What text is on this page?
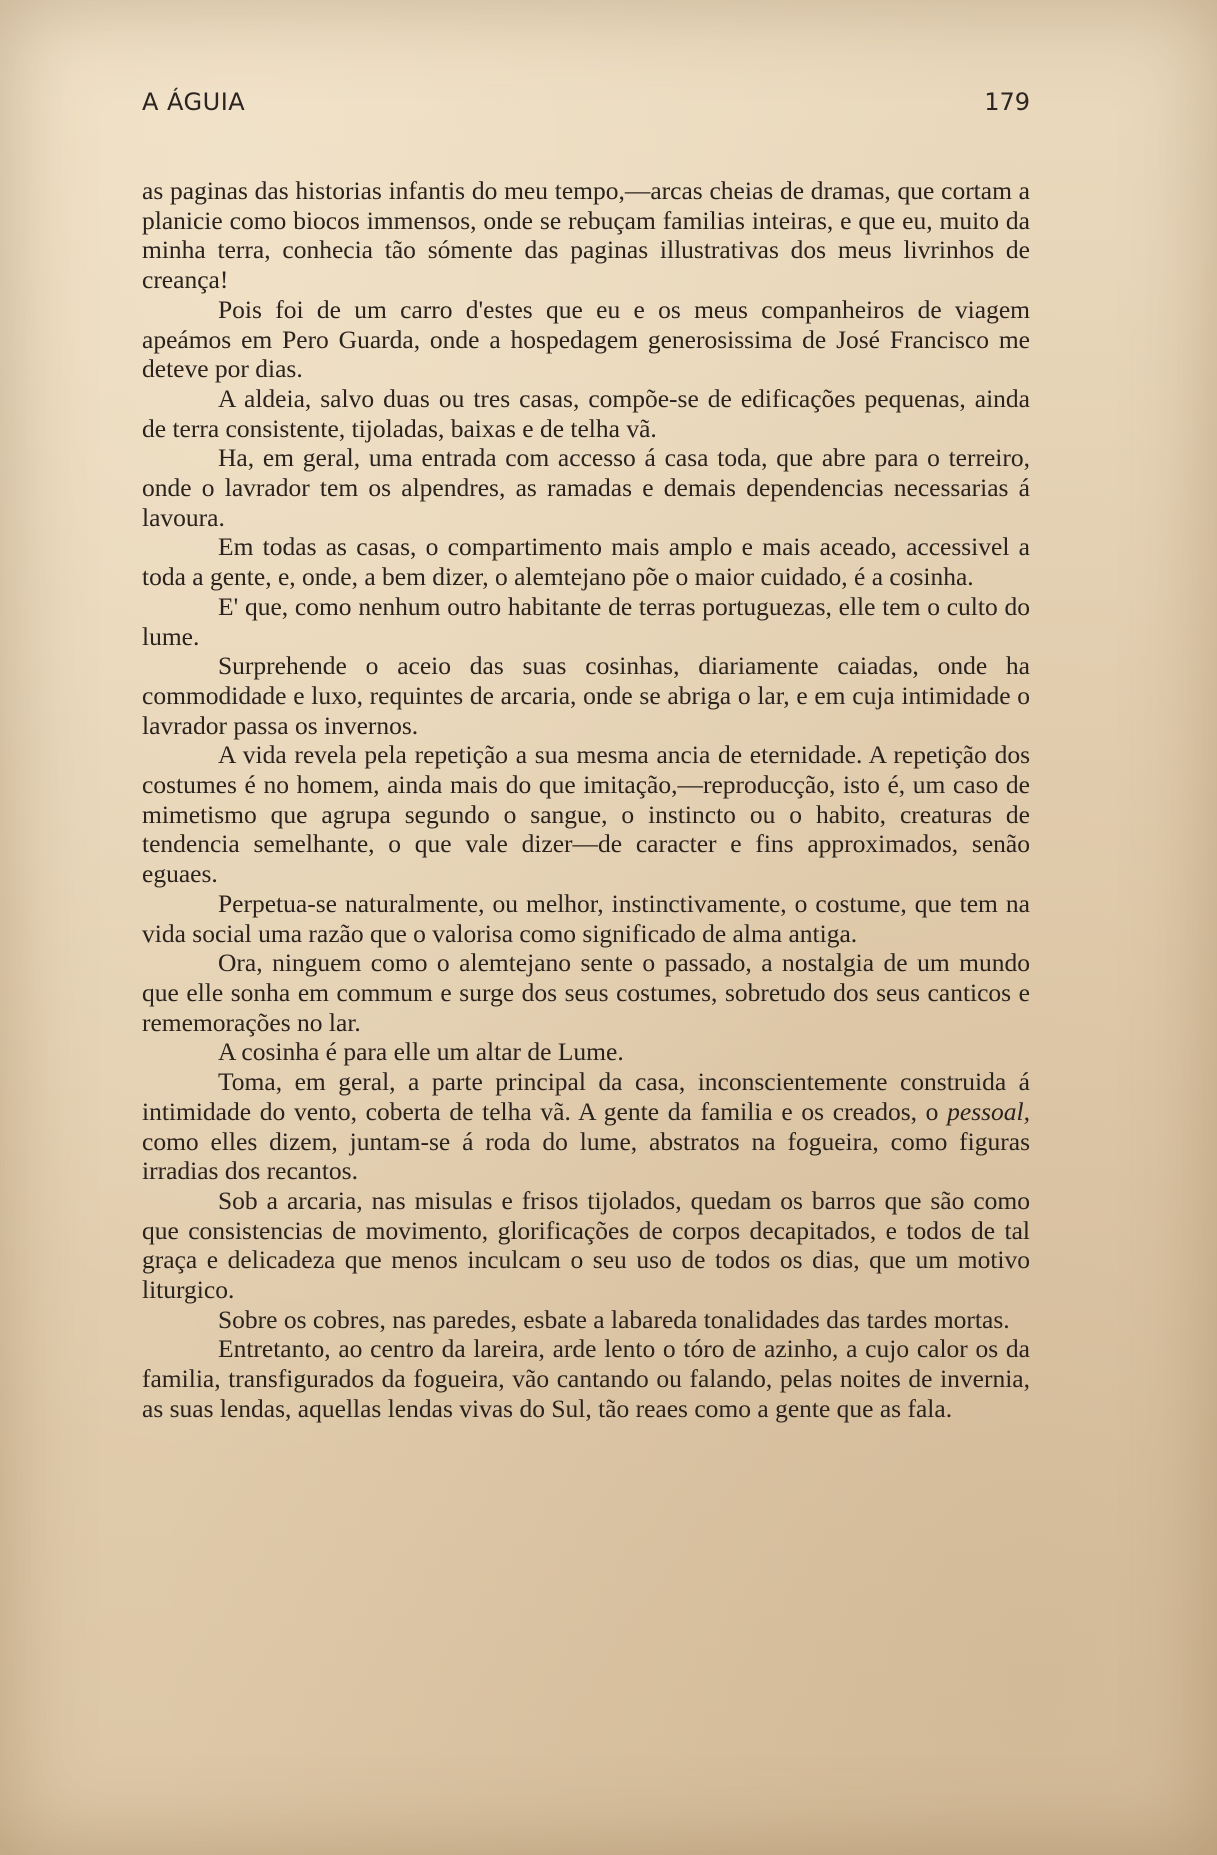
A ÁGUIA	179

as paginas das historias infantis do meu tempo,—arcas cheias de dramas, que cortam a planicie como biocos immensos, onde se rebuçam familias inteiras, e que eu, muito da minha terra, conhecia tão sómente das paginas illustrativas dos meus livrinhos de creança!

Pois foi de um carro d'estes que eu e os meus companheiros de viagem apeámos em Pero Guarda, onde a hospedagem generosissima de José Francisco me deteve por dias.

A aldeia, salvo duas ou tres casas, compõe-se de edificações pequenas, ainda de terra consistente, tijoladas, baixas e de telha vã.

Ha, em geral, uma entrada com accesso á casa toda, que abre para o terreiro, onde o lavrador tem os alpendres, as ramadas e demais dependencias necessarias á lavoura.

Em todas as casas, o compartimento mais amplo e mais aceado, accessivel a toda a gente, e, onde, a bem dizer, o alemtejano põe o maior cuidado, é a cosinha.

E' que, como nenhum outro habitante de terras portuguezas, elle tem o culto do lume.

Surprehende o aceio das suas cosinhas, diariamente caiadas, onde ha commodidade e luxo, requintes de arcaria, onde se abriga o lar, e em cuja intimidade o lavrador passa os invernos.

A vida revela pela repetição a sua mesma ancia de eternidade. A repetição dos costumes é no homem, ainda mais do que imitação,—reproducção, isto é, um caso de mimetismo que agrupa segundo o sangue, o instincto ou o habito, creaturas de tendencia semelhante, o que vale dizer—de caracter e fins approximados, senão eguaes.

Perpetua-se naturalmente, ou melhor, instinctivamente, o costume, que tem na vida social uma razão que o valorisa como significado de alma antiga.

Ora, ninguem como o alemtejano sente o passado, a nostalgia de um mundo que elle sonha em commum e surge dos seus costumes, sobretudo dos seus canticos e rememorações no lar.

A cosinha é para elle um altar de Lume.

Toma, em geral, a parte principal da casa, inconscientemente construida á intimidade do vento, coberta de telha vã. A gente da familia e os creados, o pessoal, como elles dizem, juntam-se á roda do lume, abstratos na fogueira, como figuras irradias dos recantos.

Sob a arcaria, nas misulas e frisos tijolados, quedam os barros que são como que consistencias de movimento, glorificações de corpos decapitados, e todos de tal graça e delicadeza que menos inculcam o seu uso de todos os dias, que um motivo liturgico.

Sobre os cobres, nas paredes, esbate a labareda tonalidades das tardes mortas.

Entretanto, ao centro da lareira, arde lento o tóro de azinho, a cujo calor os da familia, transfigurados da fogueira, vão cantando ou falando, pelas noites de invernia, as suas lendas, aquellas lendas vivas do Sul, tão reaes como a gente que as fala.
